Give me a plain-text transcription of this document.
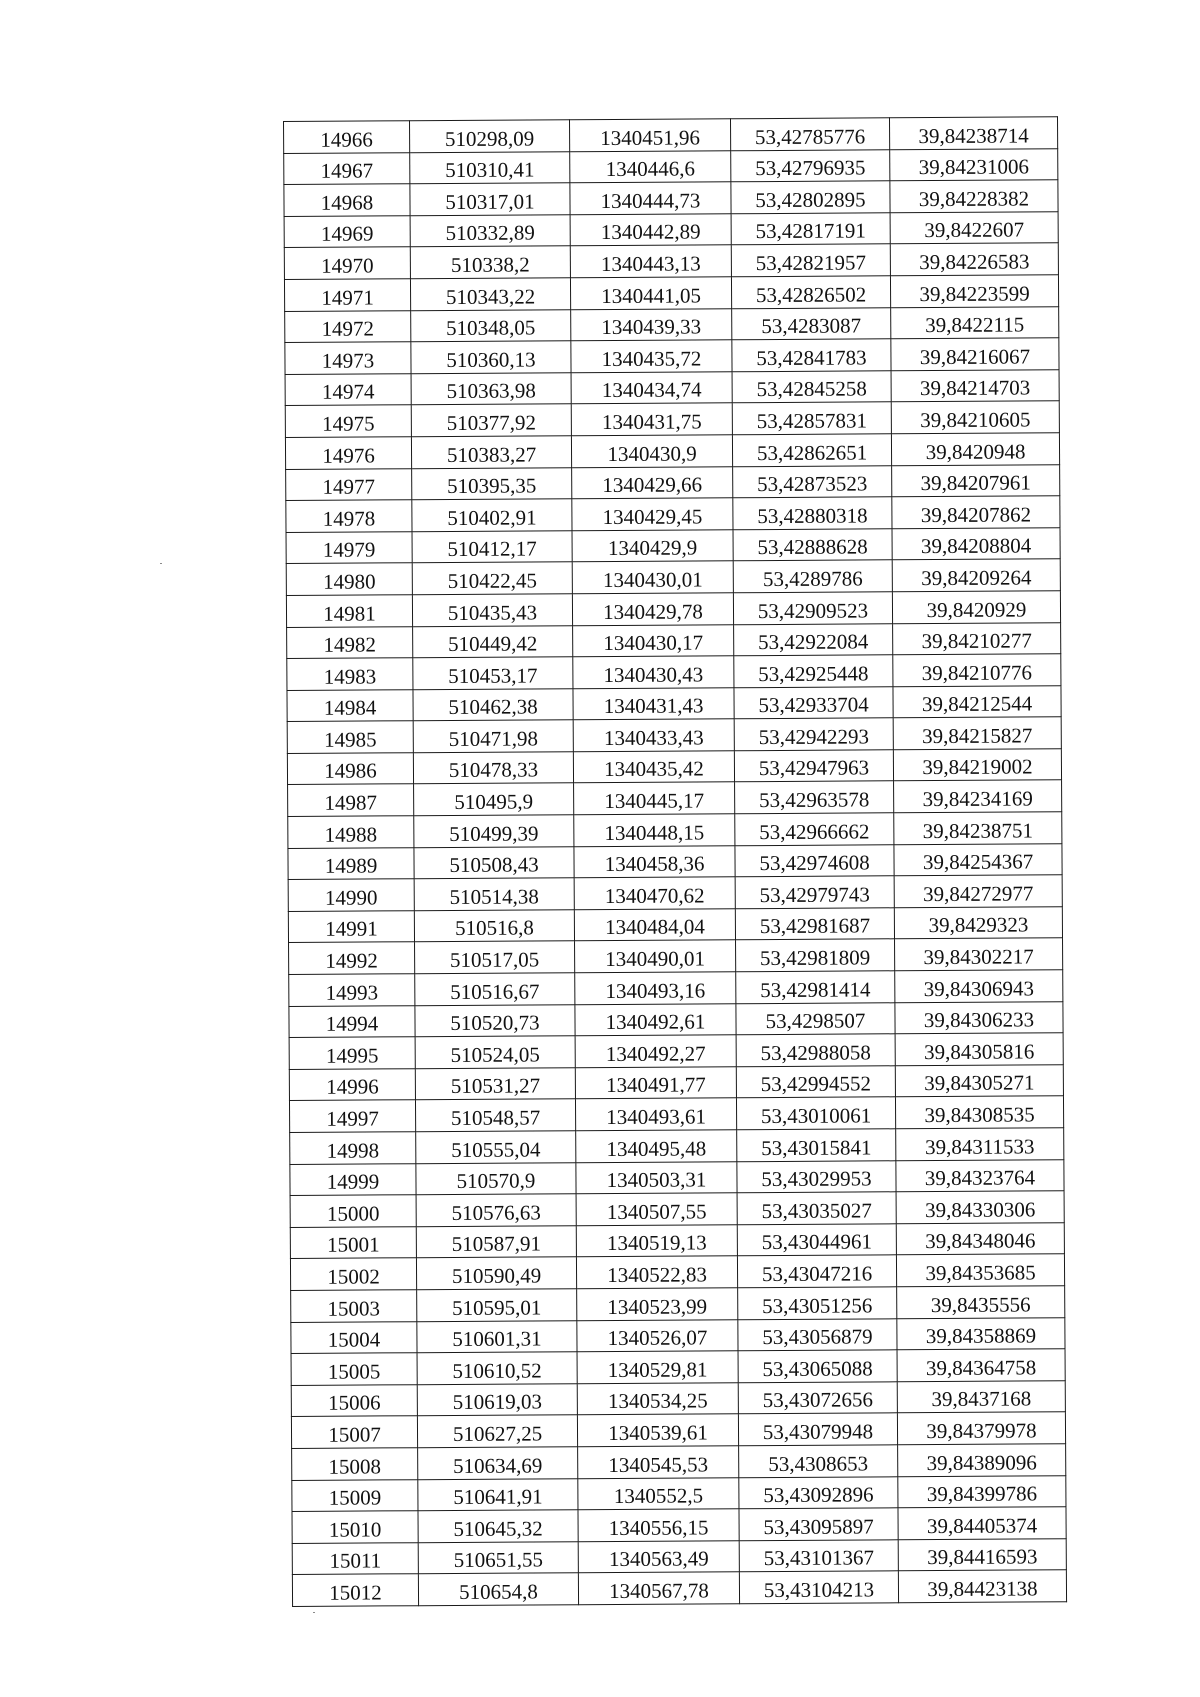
14966	510298,09	1340451,96	53,42785776	39,84238714
14967	510310,41	1340446,6	53,42796935	39,84231006
14968	510317,01	1340444,73	53,42802895	39,84228382
14969	510332,89	1340442,89	53,42817191	39,8422607
14970	510338,2	1340443,13	53,42821957	39,84226583
14971	510343,22	1340441,05	53,42826502	39,84223599
14972	510348,05	1340439,33	53,4283087	39,8422115
14973	510360,13	1340435,72	53,42841783	39,84216067
14974	510363,98	1340434,74	53,42845258	39,84214703
14975	510377,92	1340431,75	53,42857831	39,84210605
14976	510383,27	1340430,9	53,42862651	39,8420948
14977	510395,35	1340429,66	53,42873523	39,84207961
14978	510402,91	1340429,45	53,42880318	39,84207862
14979	510412,17	1340429,9	53,42888628	39,84208804
14980	510422,45	1340430,01	53,4289786	39,84209264
14981	510435,43	1340429,78	53,42909523	39,8420929
14982	510449,42	1340430,17	53,42922084	39,84210277
14983	510453,17	1340430,43	53,42925448	39,84210776
14984	510462,38	1340431,43	53,42933704	39,84212544
14985	510471,98	1340433,43	53,42942293	39,84215827
14986	510478,33	1340435,42	53,42947963	39,84219002
14987	510495,9	1340445,17	53,42963578	39,84234169
14988	510499,39	1340448,15	53,42966662	39,84238751
14989	510508,43	1340458,36	53,42974608	39,84254367
14990	510514,38	1340470,62	53,42979743	39,84272977
14991	510516,8	1340484,04	53,42981687	39,8429323
14992	510517,05	1340490,01	53,42981809	39,84302217
14993	510516,67	1340493,16	53,42981414	39,84306943
14994	510520,73	1340492,61	53,4298507	39,84306233
14995	510524,05	1340492,27	53,42988058	39,84305816
14996	510531,27	1340491,77	53,42994552	39,84305271
14997	510548,57	1340493,61	53,43010061	39,84308535
14998	510555,04	1340495,48	53,43015841	39,84311533
14999	510570,9	1340503,31	53,43029953	39,84323764
15000	510576,63	1340507,55	53,43035027	39,84330306
15001	510587,91	1340519,13	53,43044961	39,84348046
15002	510590,49	1340522,83	53,43047216	39,84353685
15003	510595,01	1340523,99	53,43051256	39,8435556
15004	510601,31	1340526,07	53,43056879	39,84358869
15005	510610,52	1340529,81	53,43065088	39,84364758
15006	510619,03	1340534,25	53,43072656	39,8437168
15007	510627,25	1340539,61	53,43079948	39,84379978
15008	510634,69	1340545,53	53,4308653	39,84389096
15009	510641,91	1340552,5	53,43092896	39,84399786
15010	510645,32	1340556,15	53,43095897	39,84405374
15011	510651,55	1340563,49	53,43101367	39,84416593
15012	510654,8	1340567,78	53,43104213	39,84423138
